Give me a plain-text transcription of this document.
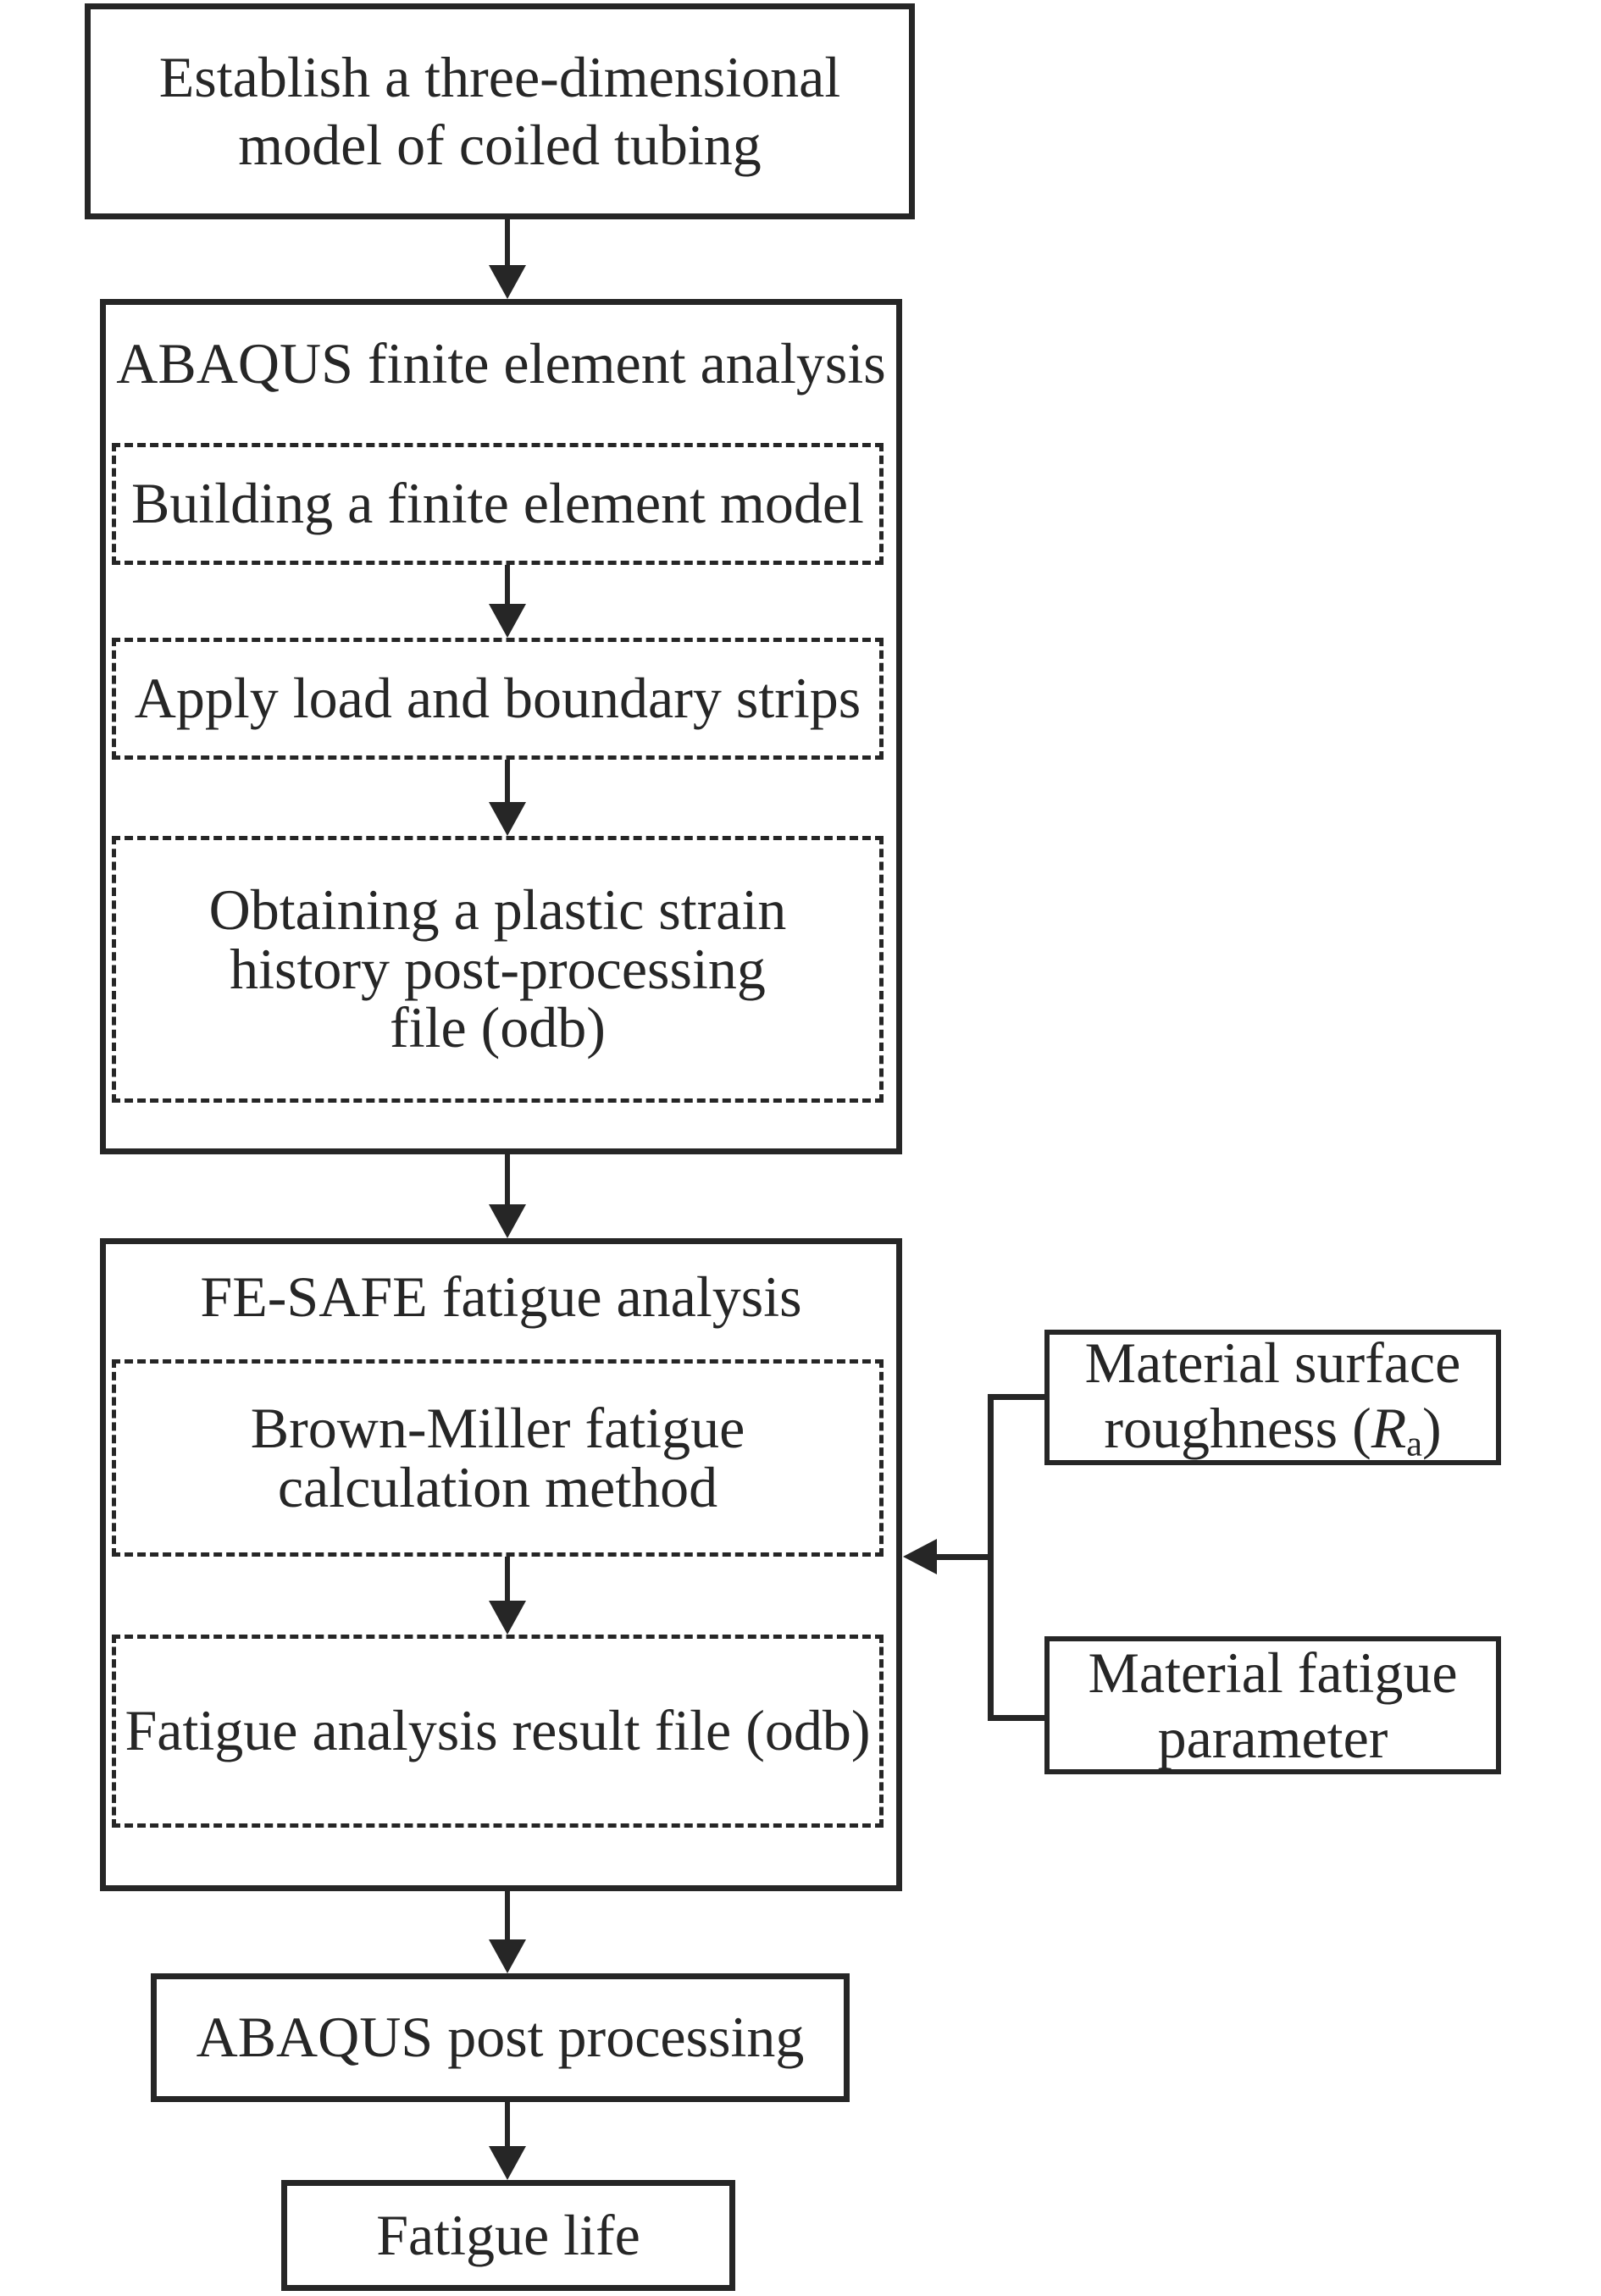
Establish a three-dimensional
model of coiled tubing
ABAQUS finite element analysis
Building a finite element model
Apply load and boundary strips
Obtaining a plastic strain
history post-processing
file (odb)
FE-SAFE fatigue analysis
Brown-Miller fatigue
calculation method
Fatigue analysis result file (odb)
ABAQUS post processing
Fatigue life
Material surface
roughness (Ra)
Material fatigue
parameter
